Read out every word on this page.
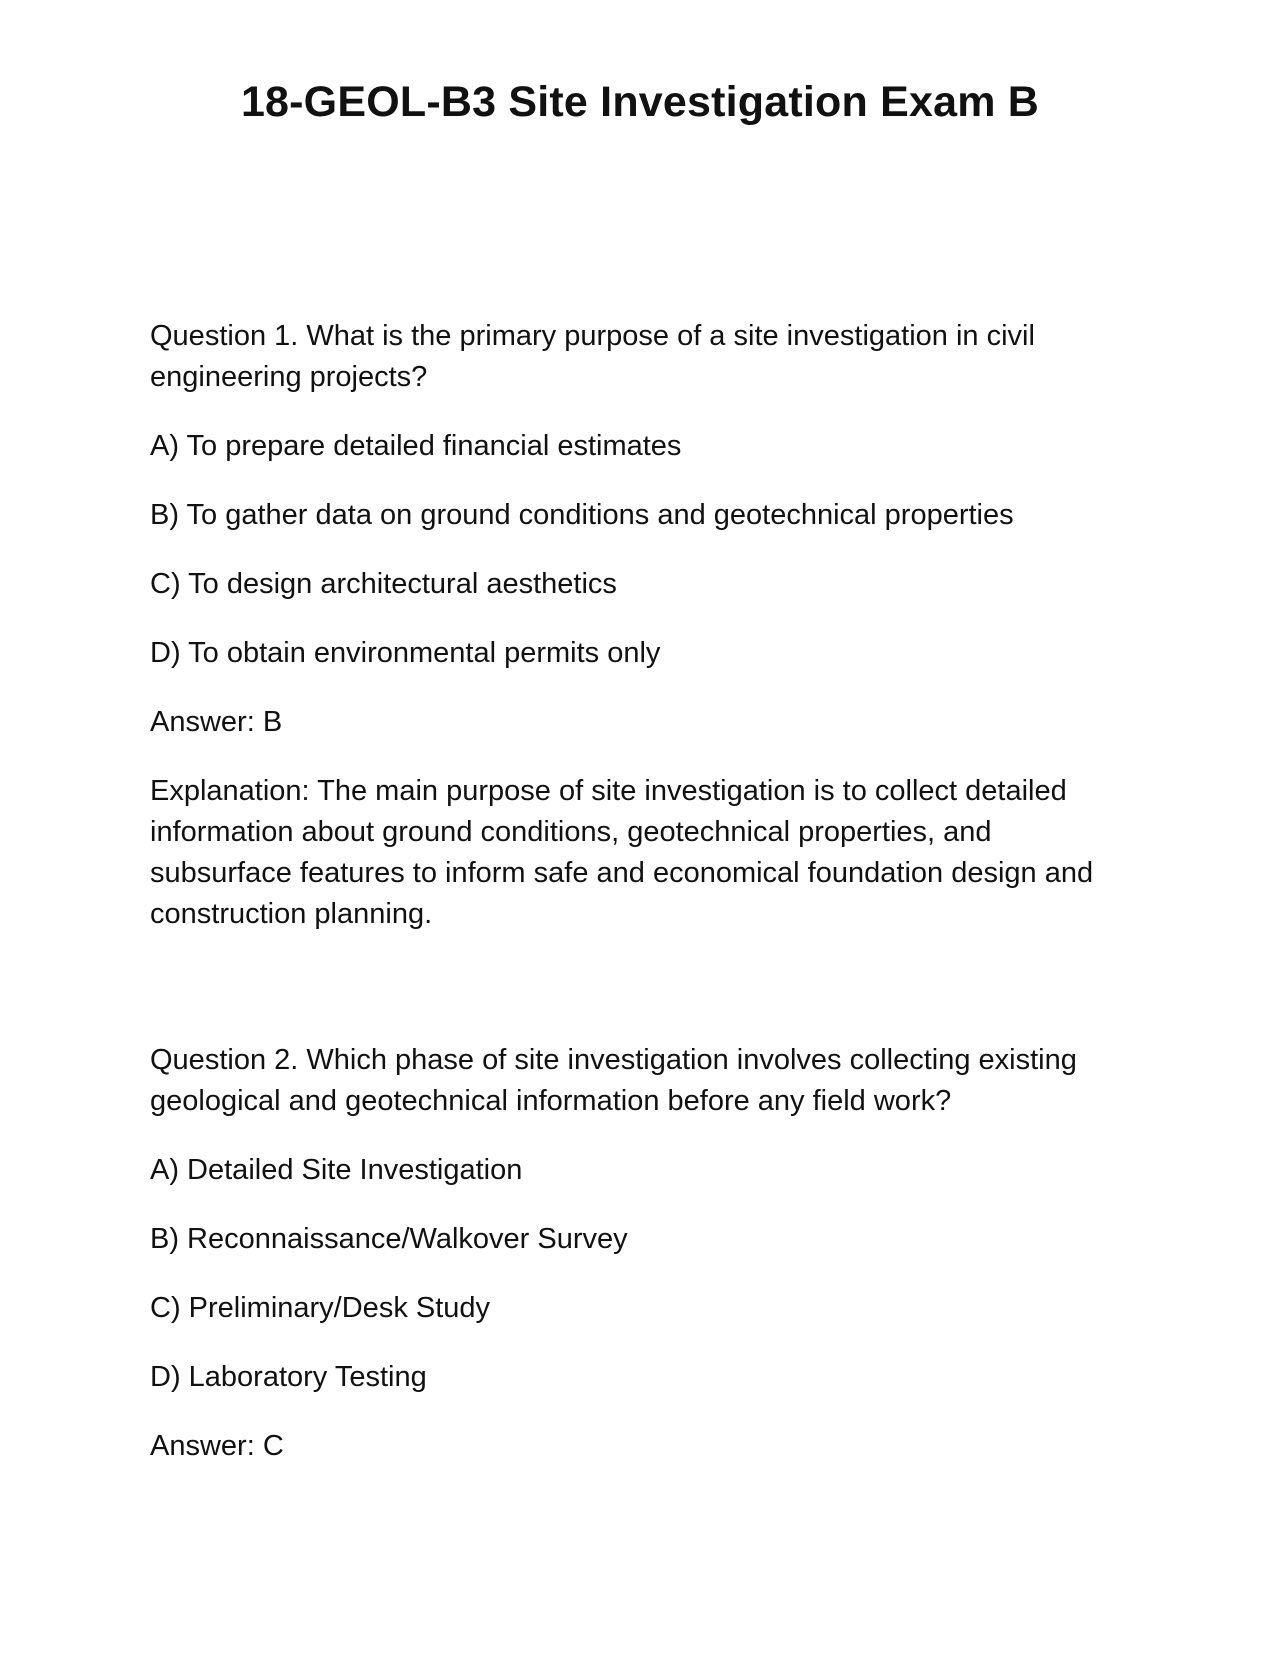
18-GEOL-B3 Site Investigation Exam B

Question 1. What is the primary purpose of a site investigation in civil engineering projects?

A) To prepare detailed financial estimates

B) To gather data on ground conditions and geotechnical properties

C) To design architectural aesthetics

D) To obtain environmental permits only

Answer: B

Explanation: The main purpose of site investigation is to collect detailed information about ground conditions, geotechnical properties, and subsurface features to inform safe and economical foundation design and construction planning.

Question 2. Which phase of site investigation involves collecting existing geological and geotechnical information before any field work?

A) Detailed Site Investigation

B) Reconnaissance/Walkover Survey

C) Preliminary/Desk Study

D) Laboratory Testing

Answer: C
